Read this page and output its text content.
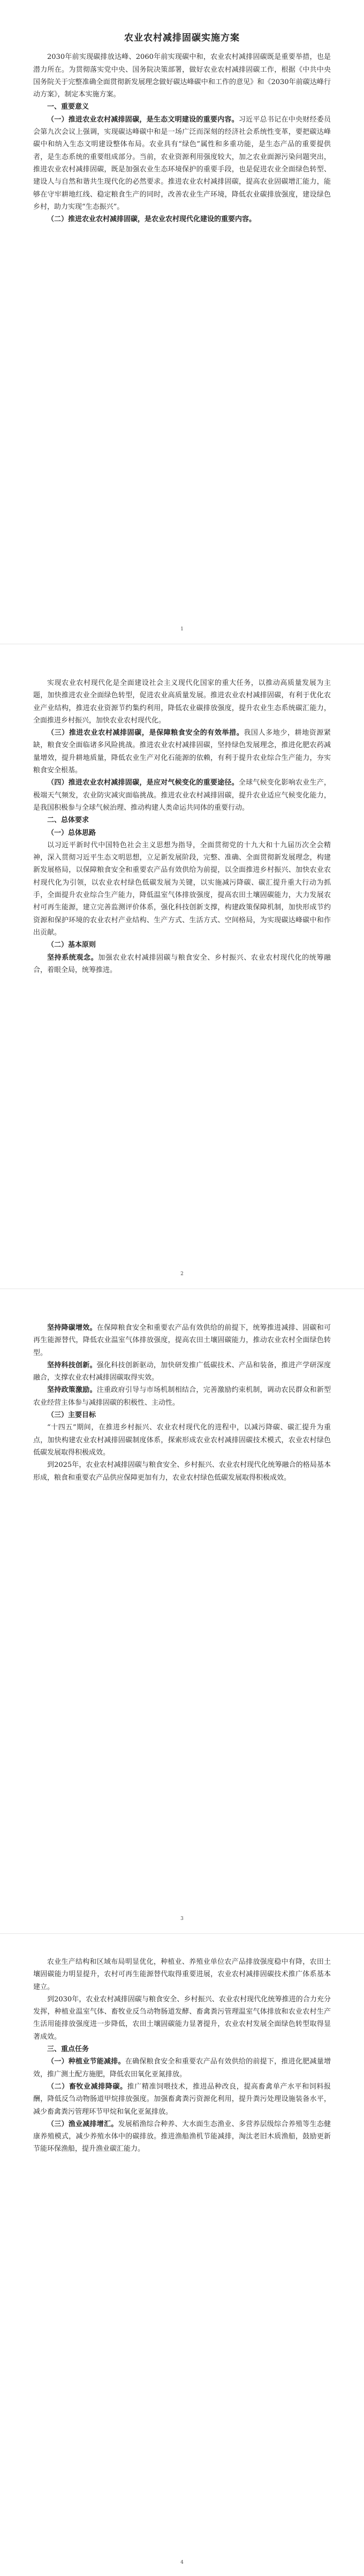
农业农村减排固碳实施方案

2030年前实现碳排放达峰、2060年前实现碳中和，农业农村减排固碳既是重要举措，也是潜力所在。为贯彻落实党中央、国务院决策部署，做好农业农村减排固碳工作，根据《中共中央 国务院关于完整准确全面贯彻新发展理念做好碳达峰碳中和工作的意见》和《2030年前碳达峰行动方案》，制定本实施方案。

一、重要意义

（一）推进农业农村减排固碳，是生态文明建设的重要内容。习近平总书记在中央财经委员会第九次会议上强调，实现碳达峰碳中和是一场广泛而深刻的经济社会系统性变革，要把碳达峰碳中和纳入生态文明建设整体布局。农业具有“绿色”属性和多重功能，是生态产品的重要提供者，是生态系统的重要组成部分。当前，农业资源利用强度较大，加之农业面源污染问题突出，推进农业农村减排固碳，既是加强农业生态环境保护的重要手段，也是促进农业全面绿色转型、建设人与自然和谐共生现代化的必然要求。推进农业农村减排固碳，提高农业固碳增汇能力，能够在守牢耕地红线、稳定粮食生产的同时，改善农业生产环境，降低农业碳排放强度，建设绿色乡村，助力实现“生态振兴”。

（二）推进农业农村减排固碳，是农业农村现代化建设的重要内容。

1

实现农业农村现代化是全面建设社会主义现代化国家的重大任务，以推动高质量发展为主题，加快推进农业全面绿色转型，促进农业高质量发展。推进农业农村减排固碳，有利于优化农业产业结构，推进农业资源节约集约利用，降低农业碳排放强度，提升农业生态系统碳汇能力，全面推进乡村振兴，加快农业农村现代化。

（三）推进农业农村减排固碳，是保障粮食安全的有效举措。我国人多地少，耕地资源紧缺，粮食安全面临诸多风险挑战。推进农业农村减排固碳，坚持绿色发展理念，推进化肥农药减量增效，提升耕地质量，降低农业生产对化石能源的依赖，有利于提升农业综合生产能力，夯实粮食安全根基。

（四）推进农业农村减排固碳，是应对气候变化的重要途径。全球气候变化影响农业生产，极端天气频发，农业防灾减灾面临挑战。推进农业农村减排固碳，提升农业适应气候变化能力，是我国积极参与全球气候治理、推动构建人类命运共同体的重要行动。

二、总体要求

（一）总体思路

以习近平新时代中国特色社会主义思想为指导，全面贯彻党的十九大和十九届历次全会精神，深入贯彻习近平生态文明思想，立足新发展阶段，完整、准确、全面贯彻新发展理念，构建新发展格局，以保障粮食安全和重要农产品有效供给为前提，以全面推进乡村振兴、加快农业农村现代化为引领，以农业农村绿色低碳发展为关键，以实施减污降碳、碳汇提升重大行动为抓手，全面提升农业综合生产能力，降低温室气体排放强度，提高农田土壤固碳能力，大力发展农村可再生能源，建立完善监测评价体系，强化科技创新支撑，构建政策保障机制，加快形成节约资源和保护环境的农业农村产业结构、生产方式、生活方式、空间格局，为实现碳达峰碳中和作出贡献。

（二）基本原则

坚持系统观念。加强农业农村减排固碳与粮食安全、乡村振兴、农业农村现代化的统筹融合，着眼全局，统筹推进。

2

坚持降碳增效。在保障粮食安全和重要农产品有效供给的前提下，统筹推进减排、固碳和可再生能源替代，降低农业温室气体排放强度，提高农田土壤固碳能力，推动农业农村全面绿色转型。

坚持科技创新。强化科技创新驱动，加快研发推广低碳技术、产品和装备，推进产学研深度融合，支撑农业农村减排固碳取得实效。

坚持政策激励。注重政府引导与市场机制相结合，完善激励约束机制，调动农民群众和新型农业经营主体参与减排固碳的积极性、主动性。

（三）主要目标

“十四五”期间，在推进乡村振兴、农业农村现代化的进程中，以减污降碳、碳汇提升为重点，加快构建农业农村减排固碳制度体系，探索形成农业农村减排固碳技术模式，农业农村绿色低碳发展取得积极成效。

到2025年，农业农村减排固碳与粮食安全、乡村振兴、农业农村现代化统筹融合的格局基本形成，粮食和重要农产品供应保障更加有力，农业农村绿色低碳发展取得积极成效。

3

农业生产结构和区域布局明显优化，种植业、养殖业单位农产品排放强度稳中有降，农田土壤固碳能力明显提升，农村可再生能源替代取得重要进展，农业农村减排固碳技术推广体系基本建立。

到2030年，农业农村减排固碳与粮食安全、乡村振兴、农业农村现代化统筹推进的合力充分发挥，种植业温室气体、畜牧业反刍动物肠道发酵、畜禽粪污管理温室气体排放和农业农村生产生活用能排放强度进一步降低，农田土壤固碳能力显著提升，农业农村发展全面绿色转型取得显著成效。

三、重点任务

（一）种植业节能减排。在确保粮食安全和重要农产品有效供给的前提下，推进化肥减量增效，推广测土配方施肥，降低农田氧化亚氮排放。

（二）畜牧业减排降碳。推广精准饲喂技术，推进品种改良，提高畜禽单产水平和饲料报酬，降低反刍动物肠道甲烷排放强度。加强畜禽粪污资源化利用，提升粪污处理设施装备水平，减少畜禽粪污管理环节甲烷和氧化亚氮排放。

（三）渔业减排增汇。发展稻渔综合种养、大水面生态渔业、多营养层级综合养殖等生态健康养殖模式，减少养殖水体中的碳排放。推进渔船渔机节能减排，淘汰老旧木质渔船，鼓励更新节能环保渔船，提升渔业碳汇能力。

4
